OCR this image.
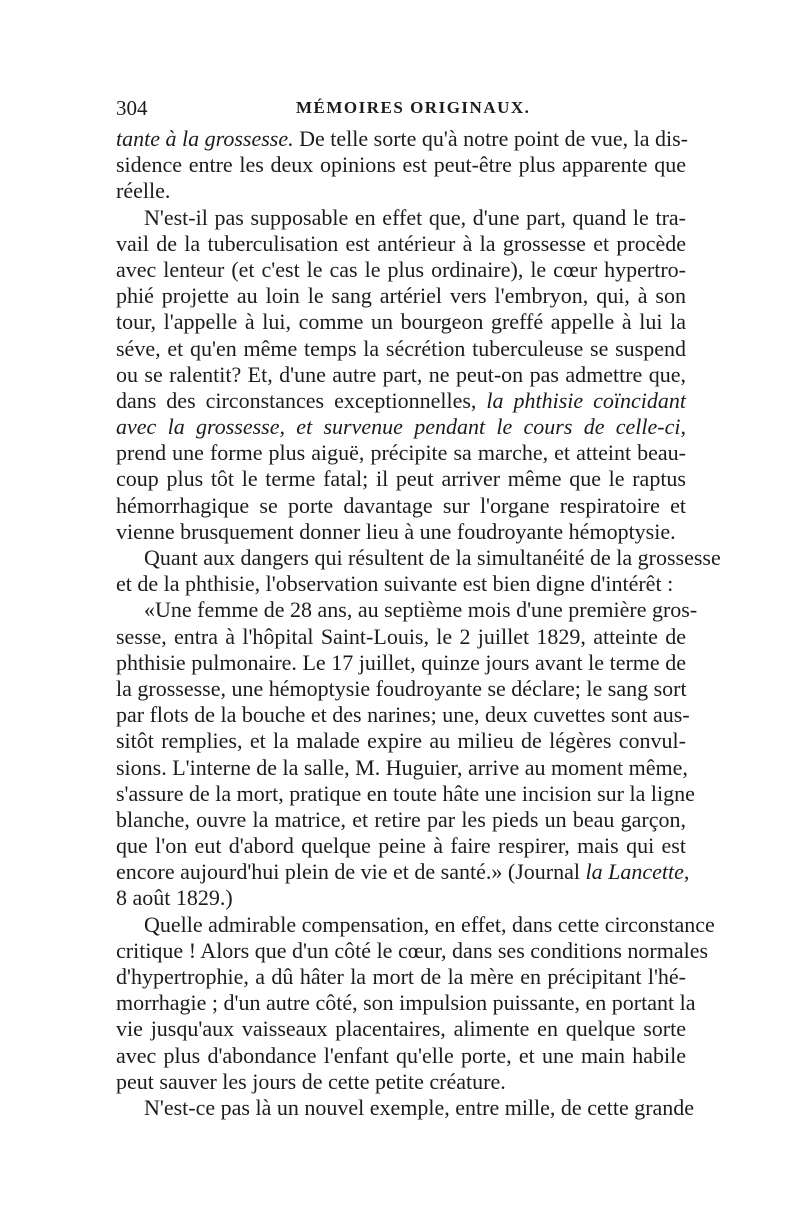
304	MÉMOIRES ORIGINAUX.
tante à la grossesse. De telle sorte qu'à notre point de vue, la dis-
sidence entre les deux opinions est peut-être plus apparente que
réelle.
N'est-il pas supposable en effet que, d'une part, quand le tra-
vail de la tuberculisation est antérieur à la grossesse et procède
avec lenteur (et c'est le cas le plus ordinaire), le cœur hypertro-
phié projette au loin le sang artériel vers l'embryon, qui, à son
tour, l'appelle à lui, comme un bourgeon greffé appelle à lui la
séve, et qu'en même temps la sécrétion tuberculeuse se suspend
ou se ralentit? Et, d'une autre part, ne peut-on pas admettre que,
dans des circonstances exceptionnelles, la phthisie coïncidant
avec la grossesse, et survenue pendant le cours de celle-ci,
prend une forme plus aiguë, précipite sa marche, et atteint beau-
coup plus tôt le terme fatal; il peut arriver même que le raptus
hémorrhagique se porte davantage sur l'organe respiratoire et
vienne brusquement donner lieu à une foudroyante hémoptysie.
Quant aux dangers qui résultent de la simultanéité de la grossesse
et de la phthisie, l'observation suivante est bien digne d'intérêt :
«Une femme de 28 ans, au septième mois d'une première gros-
sesse, entra à l'hôpital Saint-Louis, le 2 juillet 1829, atteinte de
phthisie pulmonaire. Le 17 juillet, quinze jours avant le terme de
la grossesse, une hémoptysie foudroyante se déclare; le sang sort
par flots de la bouche et des narines; une, deux cuvettes sont aus-
sitôt remplies, et la malade expire au milieu de légères convul-
sions. L'interne de la salle, M. Huguier, arrive au moment même,
s'assure de la mort, pratique en toute hâte une incision sur la ligne
blanche, ouvre la matrice, et retire par les pieds un beau garçon,
que l'on eut d'abord quelque peine à faire respirer, mais qui est
encore aujourd'hui plein de vie et de santé.» (Journal la Lancette,
8 août 1829.)
Quelle admirable compensation, en effet, dans cette circonstance
critique ! Alors que d'un côté le cœur, dans ses conditions normales
d'hypertrophie, a dû hâter la mort de la mère en précipitant l'hé-
morrhagie ; d'un autre côté, son impulsion puissante, en portant la
vie jusqu'aux vaisseaux placentaires, alimente en quelque sorte
avec plus d'abondance l'enfant qu'elle porte, et une main habile
peut sauver les jours de cette petite créature.
N'est-ce pas là un nouvel exemple, entre mille, de cette grande
